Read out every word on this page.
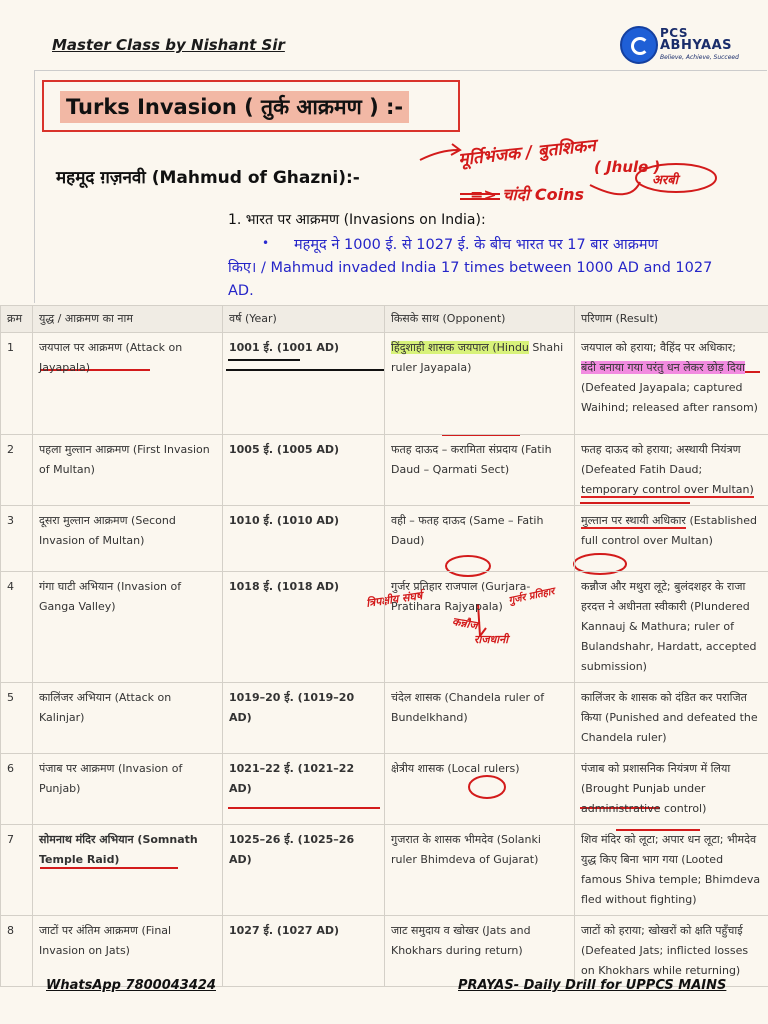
Master Class by Nishant Sir
PCS
ABHYAAS
Believe, Achieve, Succeed
Turks Invasion ( तुर्क आक्रमण ) :-
महमूद ग़ज़नवी (Mahmud of Ghazni):-
1. भारत पर आक्रमण (Invasions on India):
•	महमूद ने 1000 ई. से 1027 ई. के बीच भारत पर 17 बार आक्रमण
किए। / Mahmud invaded India 17 times between 1000 AD and 1027 AD.
मूर्तिभंजक / बुतशिकन
( Jhule )
=> चांदी Coins
अरबी
त्रिपक्षीय संघर्ष	गुर्जर प्रतिहार
कन्नौज
राजधानी
क्रम	युद्ध / आक्रमण का नाम	वर्ष (Year)	किसके साथ (Opponent)	परिणाम (Result)
1	जयपाल पर आक्रमण (Attack on Jayapala)	1001 ई. (1001 AD)	हिंदुशाही शासक जयपाल (Hindu Shahi ruler Jayapala)	जयपाल को हराया; वैहिंद पर अधिकार;
बंदी बनाया गया परंतु धन लेकर छोड़ दिया
(Defeated Jayapala; captured Waihind; released after ransom)
2	पहला मुल्तान आक्रमण (First Invasion of Multan)	1005 ई. (1005 AD)	फतह दाऊद – करामिता संप्रदाय (Fatih Daud – Qarmati Sect)	फतह दाऊद को हराया; अस्थायी नियंत्रण (Defeated Fatih Daud; temporary control over Multan)
3	दूसरा मुल्तान आक्रमण (Second Invasion of Multan)	1010 ई. (1010 AD)	वही – फतह दाऊद (Same – Fatih Daud)	मुल्तान पर स्थायी अधिकार (Established full control over Multan)
4	गंगा घाटी अभियान (Invasion of Ganga Valley)	1018 ई. (1018 AD)	गुर्जर प्रतिहार राजपाल (Gurjara-Pratihara Rajyapala)	कन्नौज और मथुरा लूटे; बुलंदशहर के राजा हरदत्त ने अधीनता स्वीकारी (Plundered Kannauj & Mathura; ruler of Bulandshahr, Hardatt, accepted submission)
5	कालिंजर अभियान (Attack on Kalinjar)	1019–20 ई. (1019–20 AD)	चंदेल शासक (Chandela ruler of Bundelkhand)	कालिंजर के शासक को दंडित कर पराजित किया (Punished and defeated the Chandela ruler)
6	पंजाब पर आक्रमण (Invasion of Punjab)	1021–22 ई. (1021–22 AD)	क्षेत्रीय शासक (Local rulers)	पंजाब को प्रशासनिक नियंत्रण में लिया (Brought Punjab under administrative control)
7	सोमनाथ मंदिर अभियान (Somnath Temple Raid)	1025–26 ई. (1025–26 AD)	गुजरात के शासक भीमदेव (Solanki ruler Bhimdeva of Gujarat)	शिव मंदिर को लूटा; अपार धन लूटा; भीमदेव युद्ध किए बिना भाग गया (Looted famous Shiva temple; Bhimdeva fled without fighting)
8	जाटों पर अंतिम आक्रमण (Final Invasion on Jats)	1027 ई. (1027 AD)	जाट समुदाय व खोखर (Jats and Khokhars during return)	जाटों को हराया; खोखरों को क्षति पहुँचाई (Defeated Jats; inflicted losses on Khokhars while returning)
WhatsApp 7800043424	PRAYAS- Daily Drill for UPPCS MAINS
